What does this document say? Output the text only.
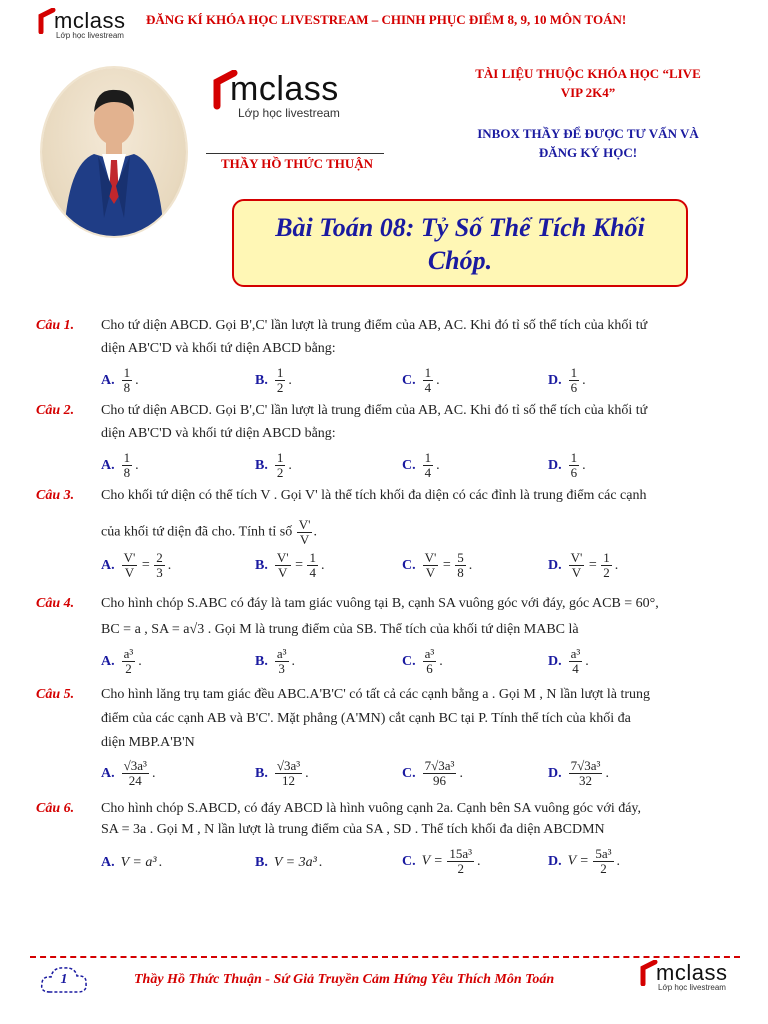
mclass
Lớp học livestream
ĐĂNG KÍ KHÓA HỌC LIVESTREAM – CHINH PHỤC ĐIỂM 8, 9, 10 MÔN TOÁN!
mclass
Lớp học livestream
THẦY HỒ THỨC THUẬN
TÀI LIỆU THUỘC KHÓA HỌC “LIVE
VIP 2K4”
INBOX THẦY ĐỂ ĐƯỢC TƯ VẤN VÀ
ĐĂNG KÝ HỌC!
Bài Toán 08: Tỷ Số Thể Tích Khối
Chóp.
Câu 1. Cho tứ diện ABCD. Gọi B',C' lần lượt là trung điểm của AB, AC. Khi đó tỉ số thể tích của khối tứ
diện AB'C'D và khối tứ diện ABCD bằng:
A. $\frac{1}{8}$ .	B. $\frac{1}{2}$ .	C. $\frac{1}{4}$ .	D. $\frac{1}{6}$ .
Câu 2. Cho tứ diện ABCD. Gọi B',C' lần lượt là trung điểm của AB, AC. Khi đó tỉ số thể tích của khối tứ
diện AB'C'D và khối tứ diện ABCD bằng:
A. $\frac{1}{8}$ .	B. $\frac{1}{2}$ .	C. $\frac{1}{4}$ .	D. $\frac{1}{6}$ .
Câu 3. Cho khối tứ diện có thể tích V . Gọi V' là thể tích khối đa diện có các đỉnh là trung điểm các cạnh
của khối tứ diện đã cho. Tính tỉ số $\frac{V'}{V}$ .
A. $\frac{V'}{V} = \frac{2}{3}$ .	B. $\frac{V'}{V} = \frac{1}{4}$ .	C. $\frac{V'}{V} = \frac{5}{8}$ .	D. $\frac{V'}{V} = \frac{1}{2}$ .
Câu 4. Cho hình chóp S.ABC có đáy là tam giác vuông tại B, cạnh SA vuông góc với đáy, góc ACB = 60°,
BC = a , SA = a√3 . Gọi M là trung điểm của SB. Thể tích của khối tứ diện MABC là
A. $\frac{\text{a³}}{2}$ .	B. $\frac{\text{a³}}{3}$ .	C. $\frac{\text{a³}}{6}$ .	D. $\frac{\text{a³}}{4}$ .
Câu 5. Cho hình lăng trụ tam giác đều ABC.A'B'C' có tất cả các cạnh bằng a . Gọi M , N lần lượt là trung
điểm của các cạnh AB và B'C'. Mặt phẳng (A'MN) cắt cạnh BC tại P. Tính thể tích của khối đa
diện MBP.A'B'N
A. $\frac{\text{√3a³}}{24}$ .	B. $\frac{\text{√3a³}}{12}$ .	C. $\frac{\text{7√3a³}}{96}$ .	D. $\frac{\text{7√3a³}}{32}$ .
Câu 6. Cho hình chóp S.ABCD, có đáy ABCD là hình vuông cạnh 2a. Cạnh bên SA vuông góc với đáy,
SA = 3a . Gọi M , N lần lượt là trung điểm của SA , SD . Thể tích khối đa diện ABCDMN
A. V = a³ .	B. V = 3a³ .	C. $V = \frac{\text{15a³}}{2}$ .	D. $V = \frac{\text{5a³}}{2}$ .
1	Thầy Hồ Thức Thuận - Sứ Giả Truyền Cảm Hứng Yêu Thích Môn Toán	mclass
Lớp học livestream
